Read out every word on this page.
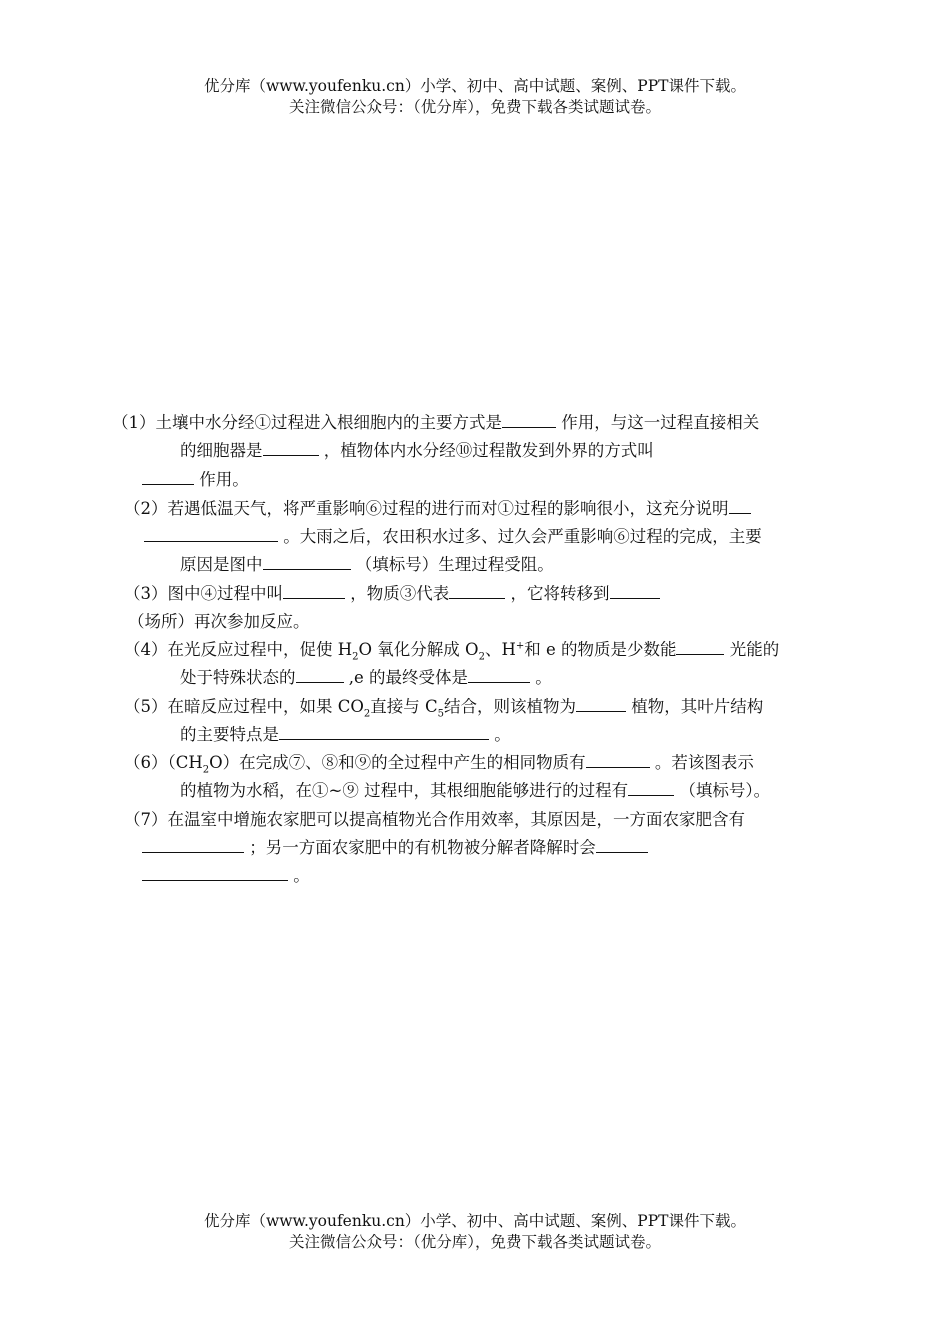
优分库（www.youfenku.cn）小学、初中、高中试题、案例、PPT课件下载。
关注微信公众号：（优分库），免费下载各类试题试卷。
（1）土壤中水分经①过程进入根细胞内的主要方式是	作用，与这一过程直接相关
的细胞器是	，植物体内水分经⑩过程散发到外界的方式叫
作用。
（2）若遇低温天气，将严重影响⑥过程的进行而对①过程的影响很小，这充分说明
。大雨之后，农田积水过多、过久会严重影响⑥过程的完成，主要
原因是图中	（填标号）生理过程受阻。
（3）图中④过程中叫	，物质③代表	，它将转移到
（场所）再次参加反应。
（4）在光反应过程中，促使 $H_2O$ 氧化分解成 $O_2$、H+和 e 的物质是少数能	光能的
处于特殊状态的	,e 的最终受体是	。
（5）在暗反应过程中，如果 $CO_2$直接与 $C_5$结合，则该植物为	植物，其叶片结构
的主要特点是	。
$(6)(CH_2O)$在完成⑦、⑧和⑨的全过程中产生的相同物质有	。若该图表示
的植物为水稻，在①~⑨ 过程中，其根细胞能够进行的过程有	（填标号）。
（7）在温室中增施农家肥可以提高植物光合作用效率，其原因是，一方面农家肥含有
；另一方面农家肥中的有机物被分解者降解时会
。
优分库（www.youfenku.cn）小学、初中、高中试题、案例、PPT课件下载。
关注微信公众号：（优分库），免费下载各类试题试卷。
